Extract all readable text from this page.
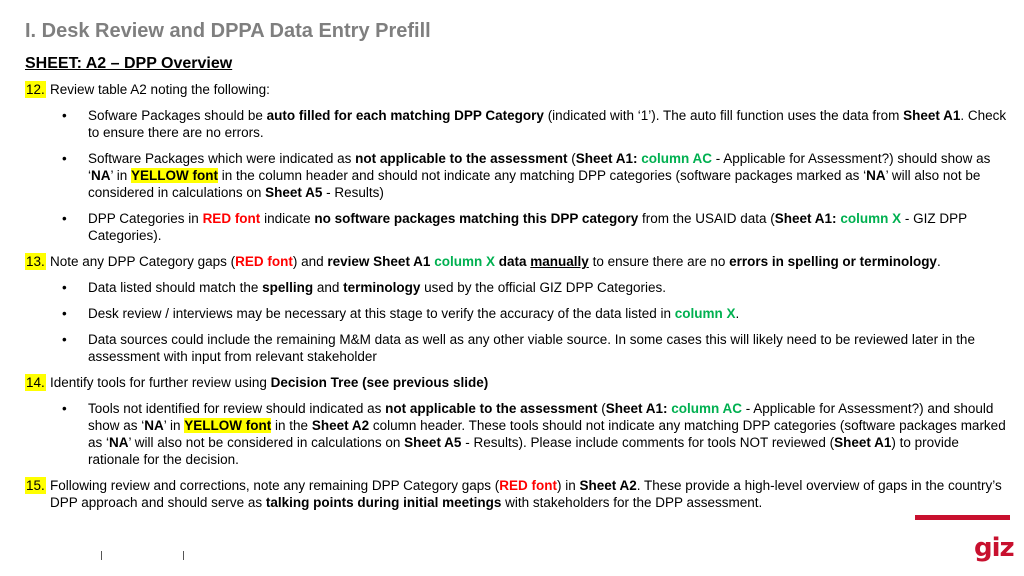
I. Desk Review and DPPA Data Entry Prefill
SHEET: A2 – DPP Overview
12. Review table A2 noting the following:
• Sofware Packages should be auto filled for each matching DPP Category (indicated with ‘1’). The auto fill function uses the data from Sheet A1. Check to ensure there are no errors.
• Software Packages which were indicated as not applicable to the assessment (Sheet A1: column AC - Applicable for Assessment?) should show as ‘NA’ in YELLOW font in the column header and should not indicate any matching DPP categories (software packages marked as ‘NA’ will also not be considered in calculations on Sheet A5 - Results)
• DPP Categories in RED font indicate no software packages matching this DPP category from the USAID data (Sheet A1: column X - GIZ DPP Categories).
13. Note any DPP Category gaps (RED font) and review Sheet A1 column X data manually to ensure there are no errors in spelling or terminology.
• Data listed should match the spelling and terminology used by the official GIZ DPP Categories.
• Desk review / interviews may be necessary at this stage to verify the accuracy of the data listed in column X.
• Data sources could include the remaining M&M data as well as any other viable source. In some cases this will likely need to be reviewed later in the assessment with input from relevant stakeholder
14. Identify tools for further review using Decision Tree (see previous slide)
• Tools not identified for review should indicated as not applicable to the assessment (Sheet A1: column AC - Applicable for Assessment?) and should show as ‘NA’ in YELLOW font in the Sheet A2 column header. These tools should not indicate any matching DPP categories (software packages marked as ‘NA’ will also not be considered in calculations on Sheet A5 - Results). Please include comments for tools NOT reviewed (Sheet A1) to provide rationale for the decision.
15. Following review and corrections, note any remaining DPP Category gaps (RED font) in Sheet A2. These provide a high-level overview of gaps in the country’s DPP approach and should serve as talking points during initial meetings with stakeholders for the DPP assessment.
giz
